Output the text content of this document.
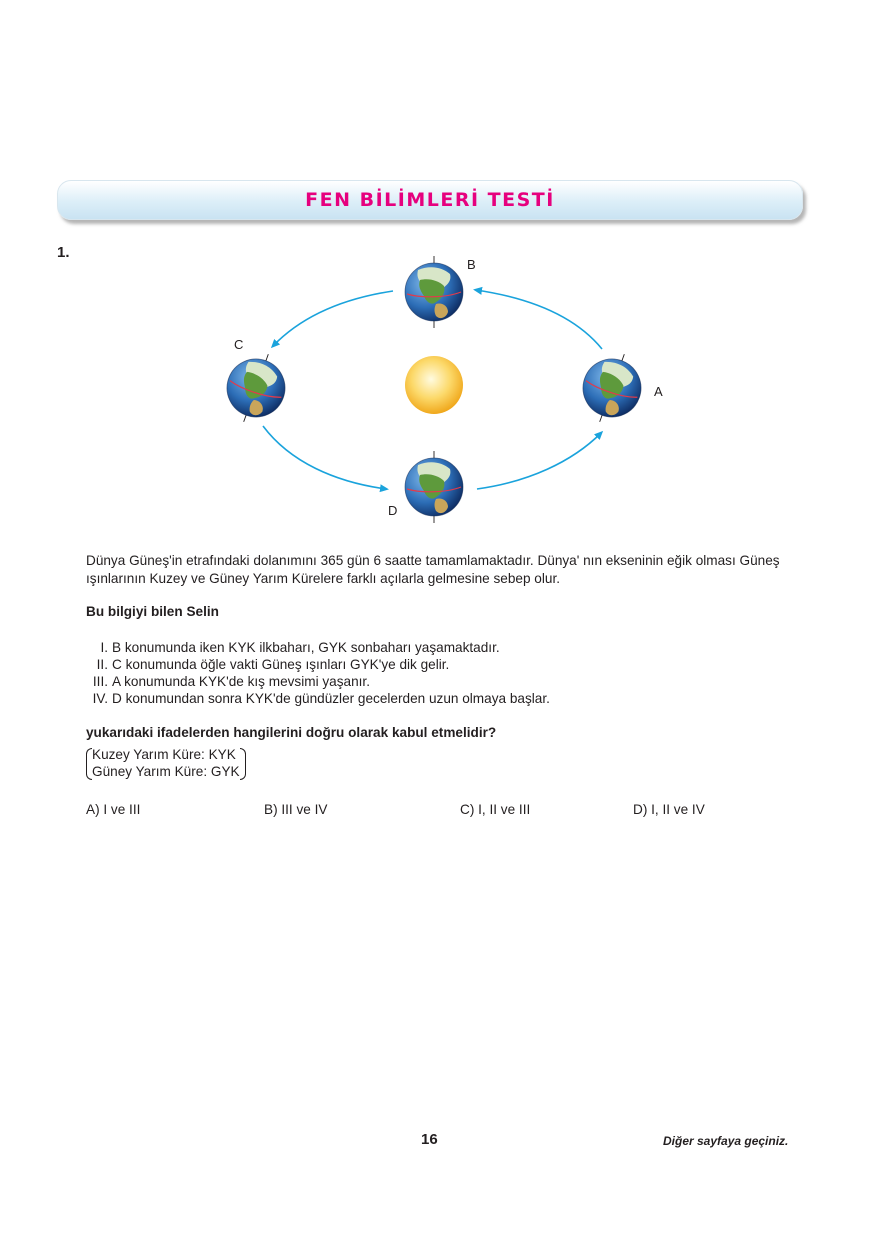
FEN BİLİMLERİ TESTİ
1.
B
C
A
D
Dünya Güneş'in etrafındaki dolanımını 365 gün 6 saatte tamamlamaktadır. Dünya' nın ekseninin eğik olması Güneş ışınlarının Kuzey ve Güney Yarım Kürelere farklı açılarla gelmesine sebep olur.
Bu bilgiyi bilen Selin
I. B konumunda iken KYK ilkbaharı, GYK sonbaharı yaşamaktadır.
II. C konumunda öğle vakti Güneş ışınları GYK'ye dik gelir.
III. A konumunda KYK'de kış mevsimi yaşanır.
IV. D konumundan sonra KYK'de gündüzler gecelerden uzun olmaya başlar.
yukarıdaki ifadelerden hangilerini doğru olarak kabul etmelidir?
Kuzey Yarım Küre: KYK
Güney Yarım Küre: GYK
A) I ve III	B) III ve IV	C) I, II ve III	D) I, II ve IV
16	Diğer sayfaya geçiniz.
